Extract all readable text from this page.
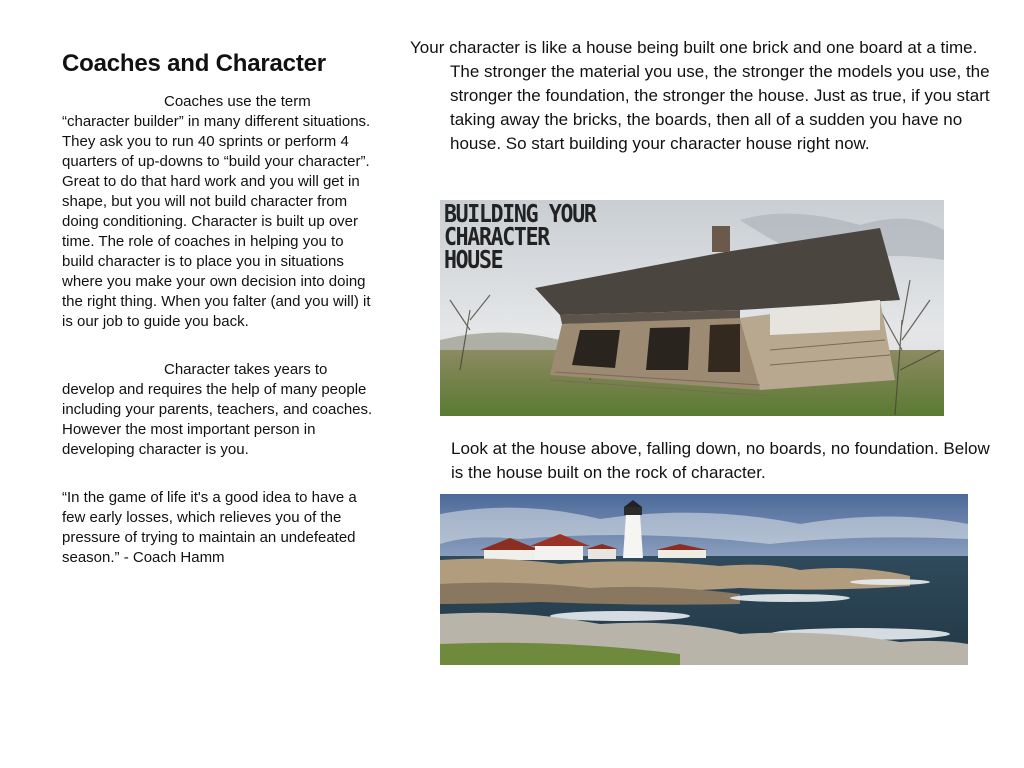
Coaches and Character

Coaches use the term “character builder” in many different situations. They ask you to run 40 sprints or perform 4 quarters of up-downs to “build your character”. Great to do that hard work and you will get in shape, but you will not build character from doing conditioning. Character is built up over time. The role of coaches in helping you to build character is to place you in situations where you make your own decision into doing the right thing. When you falter (and you will) it is our job to guide you back.

Character takes years to develop and requires the help of many people including your parents, teachers, and coaches. However the most important person in developing character is you.

“In the game of life it's a good idea to have a few early losses, which relieves you of the pressure of trying to maintain an undefeated season.” - Coach Hamm

Your character is like a house being built one brick and one board at a time. The stronger the material you use, the stronger the models you use, the stronger the foundation, the stronger the house. Just as true, if you start taking away the bricks, the boards, then all of a sudden you have no house. So start building your character house right now.
BUILDING YOUR
CHARACTER
HOUSE
Look at the house above, falling down, no boards, no foundation. Below is the house built on the rock of character.
